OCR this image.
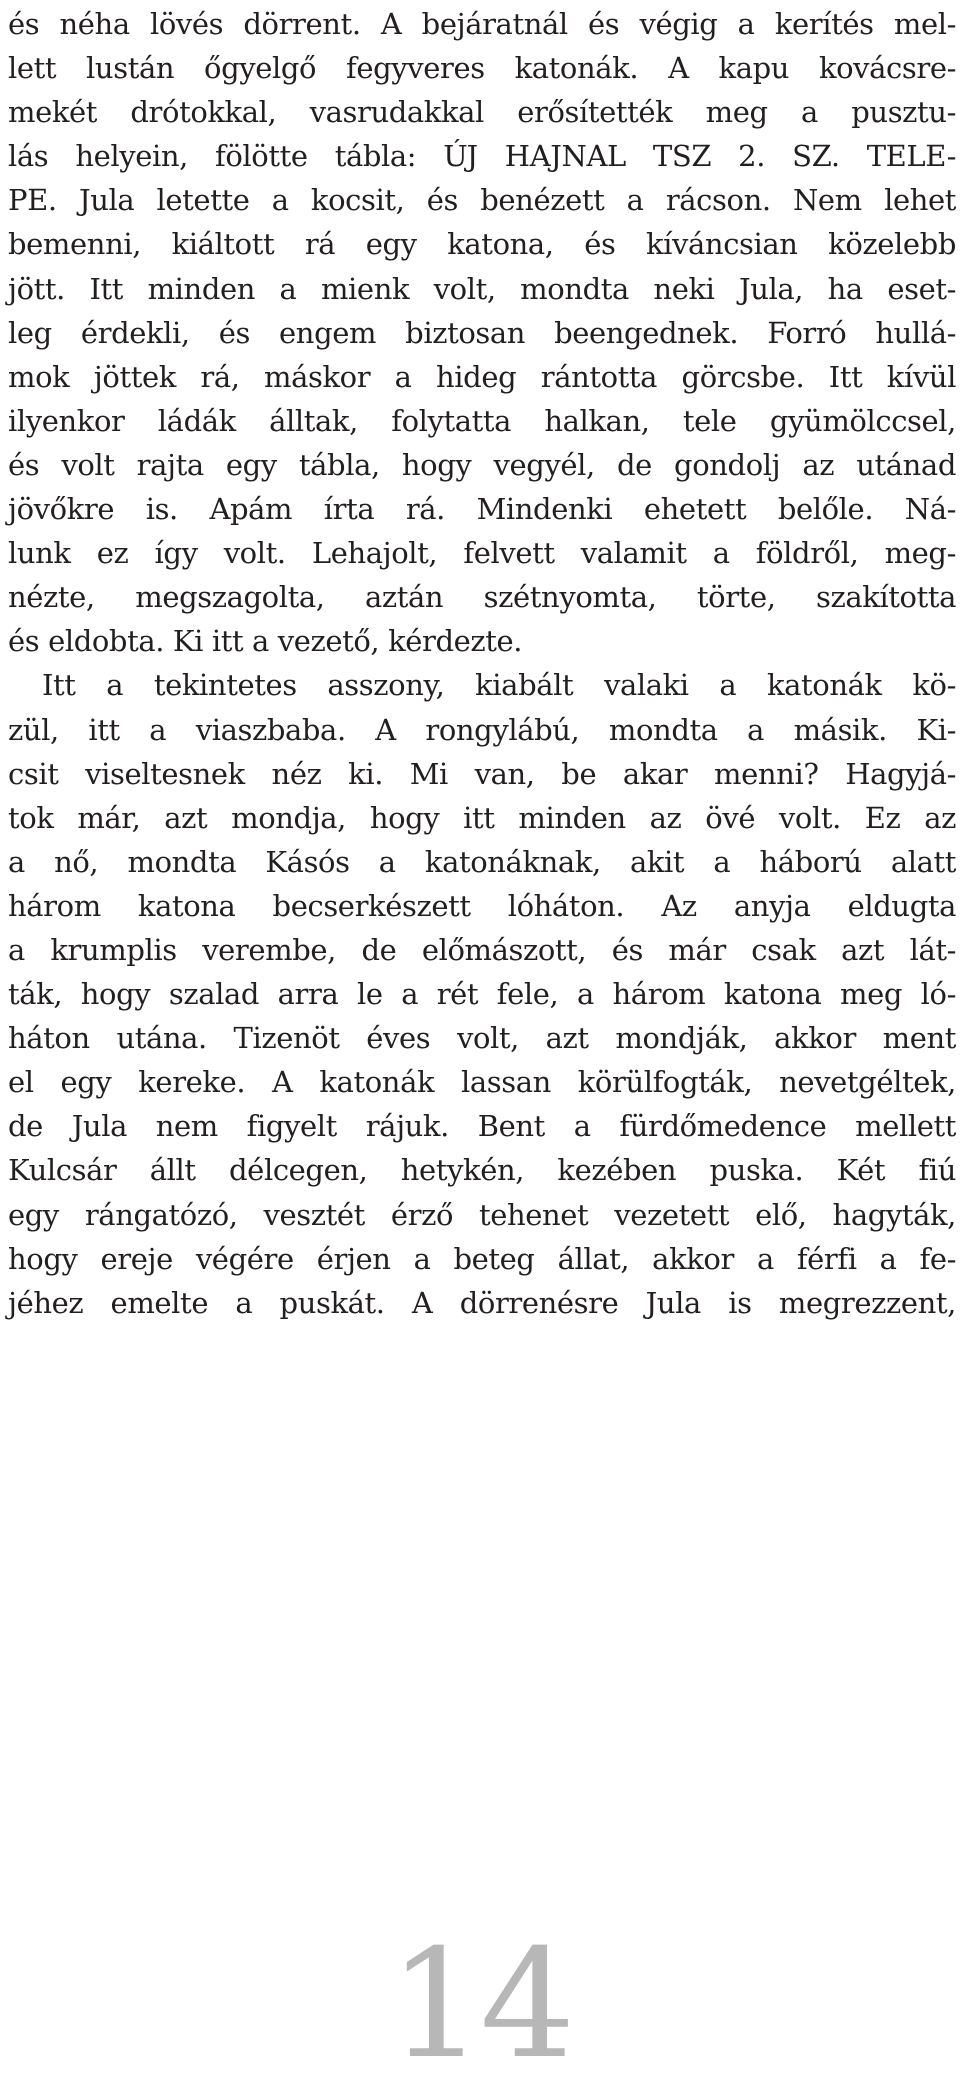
és néha lövés dörrent. A bejáratnál és végig a kerítés mel-
lett lustán őgyelgő fegyveres katonák. A kapu kovácsre-
mekét drótokkal, vasrudakkal erősítették meg a pusztu-
lás helyein, fölötte tábla: ÚJ HAJNAL TSZ 2. SZ. TELE-
PE. Jula letette a kocsit, és benézett a rácson. Nem lehet
bemenni, kiáltott rá egy katona, és kíváncsian közelebb
jött. Itt minden a mienk volt, mondta neki Jula, ha eset-
leg érdekli, és engem biztosan beengednek. Forró hullá-
mok jöttek rá, máskor a hideg rántotta görcsbe. Itt kívül
ilyenkor ládák álltak, folytatta halkan, tele gyümölccsel,
és volt rajta egy tábla, hogy vegyél, de gondolj az utánad
jövőkre is. Apám írta rá. Mindenki ehetett belőle. Ná-
lunk ez így volt. Lehajolt, felvett valamit a földről, meg-
nézte, megszagolta, aztán szétnyomta, törte, szakította
és eldobta. Ki itt a vezető, kérdezte.
Itt a tekintetes asszony, kiabált valaki a katonák kö-
zül, itt a viaszbaba. A rongylábú, mondta a másik. Ki-
csit viseltesnek néz ki. Mi van, be akar menni? Hagyjá-
tok már, azt mondja, hogy itt minden az övé volt. Ez az
a nő, mondta Kásós a katonáknak, akit a háború alatt
három katona becserkészett lóháton. Az anyja eldugta
a krumplis verembe, de előmászott, és már csak azt lát-
ták, hogy szalad arra le a rét fele, a három katona meg ló-
háton utána. Tizenöt éves volt, azt mondják, akkor ment
el egy kereke. A katonák lassan körülfogták, nevetgéltek,
de Jula nem figyelt rájuk. Bent a fürdőmedence mellett
Kulcsár állt délcegen, hetykén, kezében puska. Két fiú
egy rángatózó, vesztét érző tehenet vezetett elő, hagyták,
hogy ereje végére érjen a beteg állat, akkor a férfi a fe-
jéhez emelte a puskát. A dörrenésre Jula is megrezzent,
14
